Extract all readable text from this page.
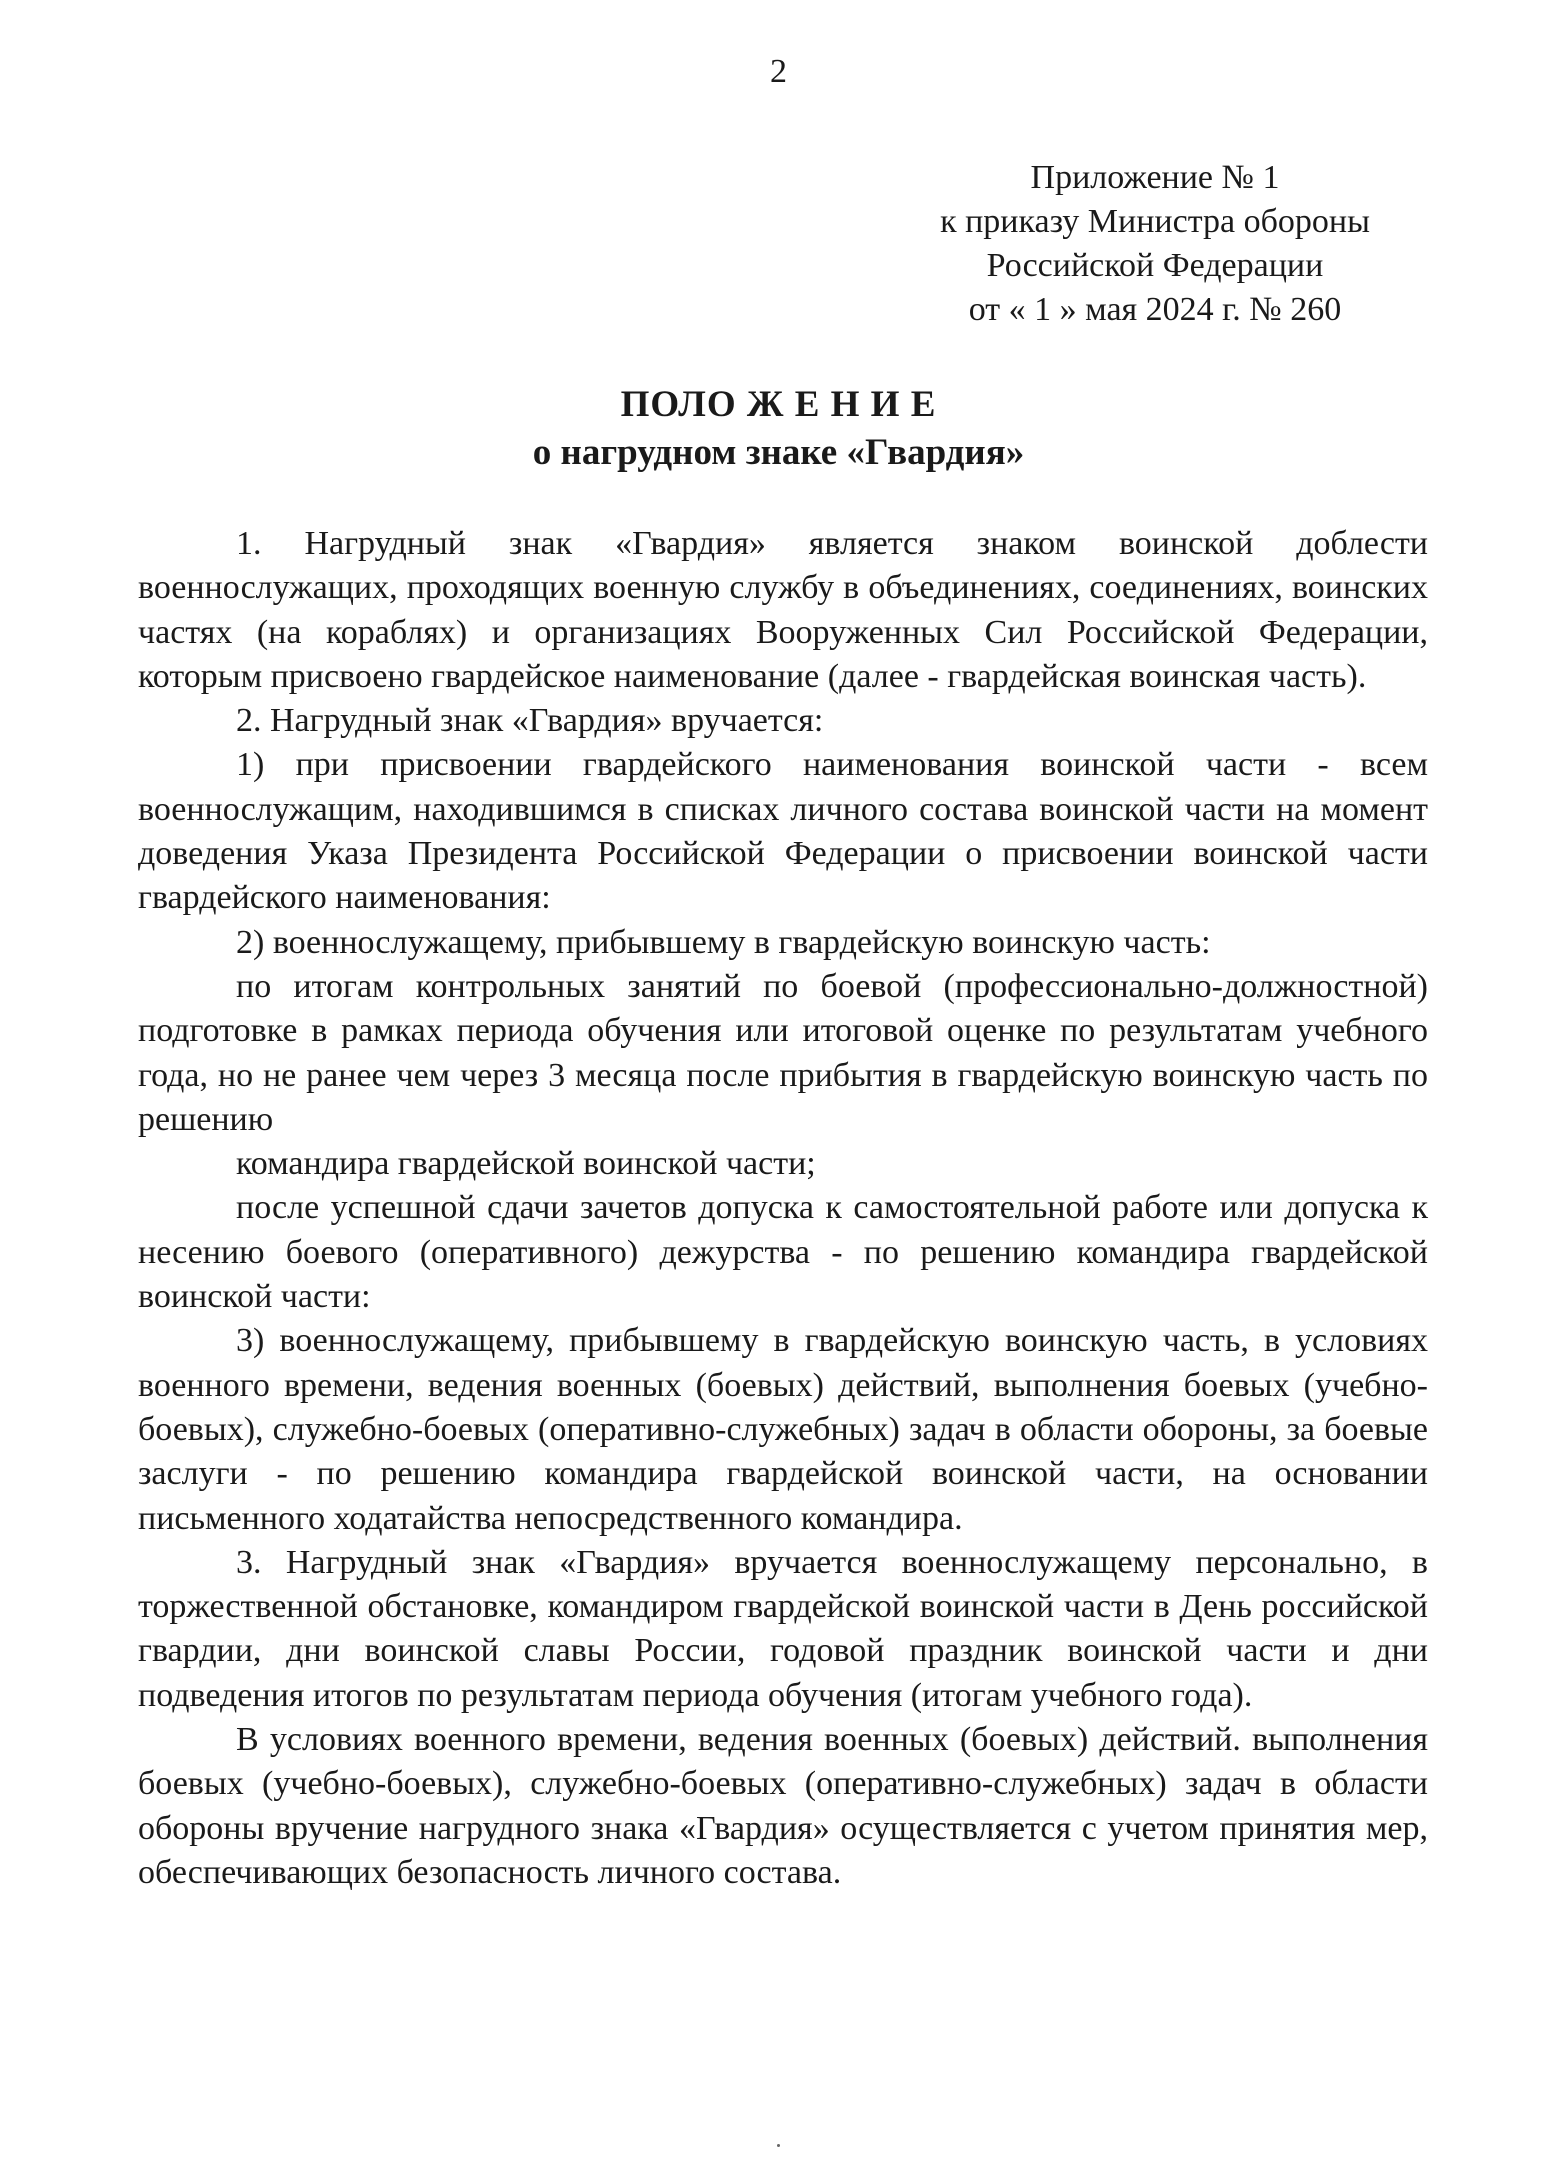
2
Приложение № 1
к приказу Министра обороны
Российской Федерации
от « 1 » мая 2024 г. № 260
ПОЛО Ж Е Н И Е
о нагрудном знаке «Гвардия»

1. Нагрудный знак «Гвардия» является знаком воинской доблести военнослужащих, проходящих военную службу в объединениях, соединениях, воинских частях (на кораблях) и организациях Вооруженных Сил Российской Федерации, которым присвоено гвардейское наименование (далее - гвардейская воинская часть).

2. Нагрудный знак «Гвардия» вручается:

1) при присвоении гвардейского наименования воинской части - всем военнослужащим, находившимся в списках личного состава воинской части на момент доведения Указа Президента Российской Федерации о присвоении воинской части гвардейского наименования:

2) военнослужащему, прибывшему в гвардейскую воинскую часть:

по итогам контрольных занятий по боевой (профессионально-должностной) подготовке в рамках периода обучения или итоговой оценке по результатам учебного года, но не ранее чем через 3 месяца после прибытия в гвардейскую воинскую часть по решению

командира гвардейской воинской части;

после успешной сдачи зачетов допуска к самостоятельной работе или допуска к несению боевого (оперативного) дежурства - по решению командира гвардейской воинской части:

3) военнослужащему, прибывшему в гвардейскую воинскую часть, в условиях военного времени, ведения военных (боевых) действий, выполнения боевых (учебно-боевых), служебно-боевых (оперативно-служебных) задач в области обороны, за боевые заслуги - по решению командира гвардейской воинской части, на основании письменного ходатайства непосредственного командира.

3. Нагрудный знак «Гвардия» вручается военнослужащему персонально, в торжественной обстановке, командиром гвардейской воинской части в День российской гвардии, дни воинской славы России, годовой праздник воинской части и дни подведения итогов по результатам периода обучения (итогам учебного года).

В условиях военного времени, ведения военных (боевых) действий. выполнения боевых (учебно-боевых), служебно-боевых (оперативно-служебных) задач в области обороны вручение нагрудного знака «Гвардия» осуществляется с учетом принятия мер, обеспечивающих безопасность личного состава.
